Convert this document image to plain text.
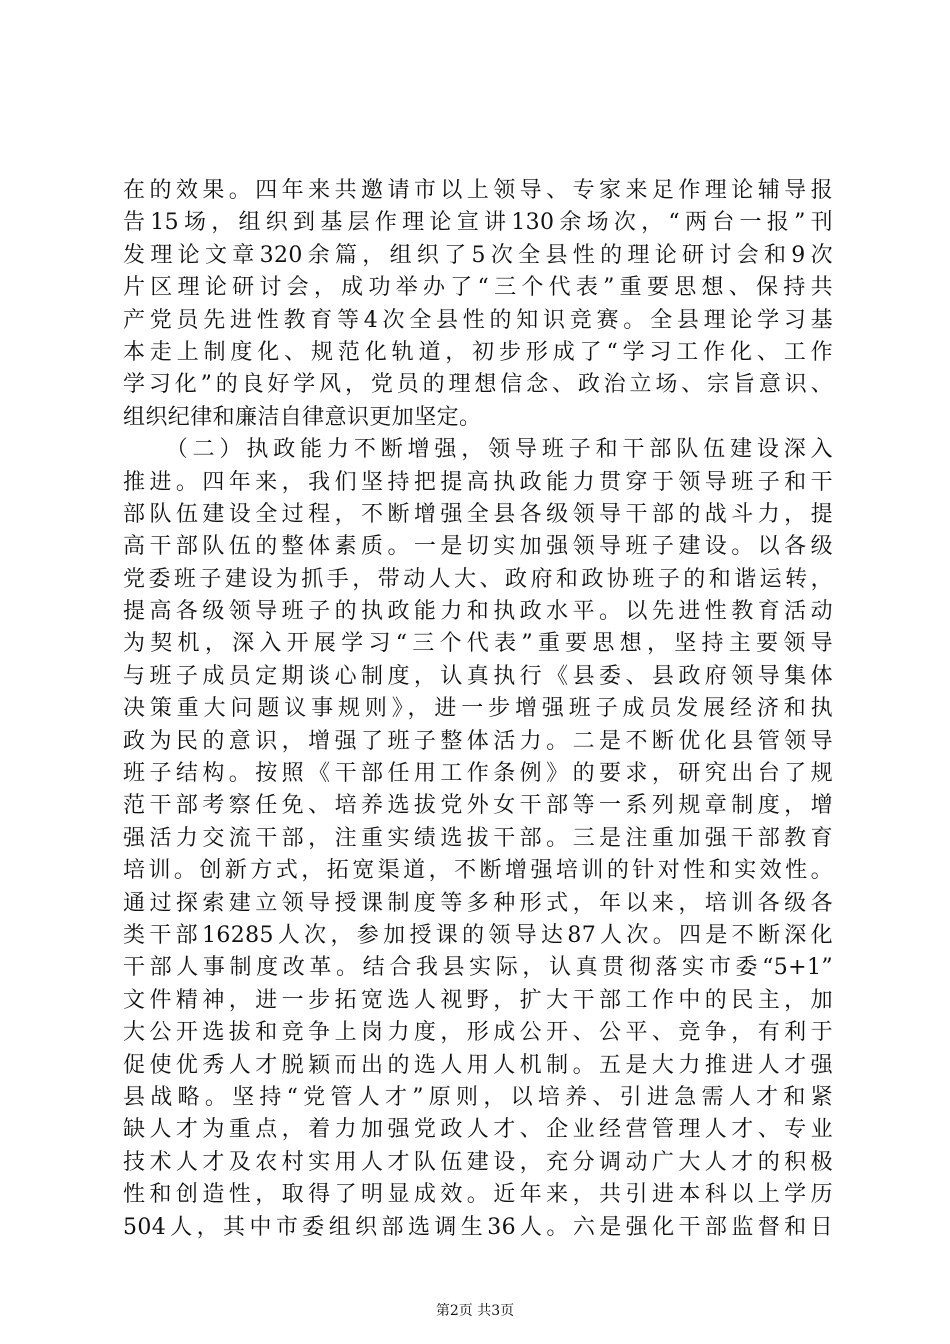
在的效果。四年来共邀请市以上领导、专家来足作理论辅导报
告15场，组织到基层作理论宣讲130余场次，“两台一报”刊
发理论文章320余篇，组织了5次全县性的理论研讨会和9次
片区理论研讨会，成功举办了“三个代表”重要思想、保持共
产党员先进性教育等4次全县性的知识竞赛。全县理论学习基
本走上制度化、规范化轨道，初步形成了“学习工作化、工作
学习化”的良好学风，党员的理想信念、政治立场、宗旨意识、
组织纪律和廉洁自律意识更加坚定。
　　（二）执政能力不断增强，领导班子和干部队伍建设深入
推进。四年来，我们坚持把提高执政能力贯穿于领导班子和干
部队伍建设全过程，不断增强全县各级领导干部的战斗力，提
高干部队伍的整体素质。一是切实加强领导班子建设。以各级
党委班子建设为抓手，带动人大、政府和政协班子的和谐运转，
提高各级领导班子的执政能力和执政水平。以先进性教育活动
为契机，深入开展学习“三个代表”重要思想，坚持主要领导
与班子成员定期谈心制度，认真执行《县委、县政府领导集体
决策重大问题议事规则》，进一步增强班子成员发展经济和执
政为民的意识，增强了班子整体活力。二是不断优化县管领导
班子结构。按照《干部任用工作条例》的要求，研究出台了规
范干部考察任免、培养选拔党外女干部等一系列规章制度，增
强活力交流干部，注重实绩选拔干部。三是注重加强干部教育
培训。创新方式，拓宽渠道，不断增强培训的针对性和实效性。
通过探索建立领导授课制度等多种形式，年以来，培训各级各
类干部16285人次，参加授课的领导达87人次。四是不断深化
干部人事制度改革。结合我县实际，认真贯彻落实市委“5+1”
文件精神，进一步拓宽选人视野，扩大干部工作中的民主，加
大公开选拔和竞争上岗力度，形成公开、公平、竞争，有利于
促使优秀人才脱颖而出的选人用人机制。五是大力推进人才强
县战略。坚持“党管人才”原则，以培养、引进急需人才和紧
缺人才为重点，着力加强党政人才、企业经营管理人才、专业
技术人才及农村实用人才队伍建设，充分调动广大人才的积极
性和创造性，取得了明显成效。近年来，共引进本科以上学历
504人，其中市委组织部选调生36人。六是强化干部监督和日
第2页 共3页
